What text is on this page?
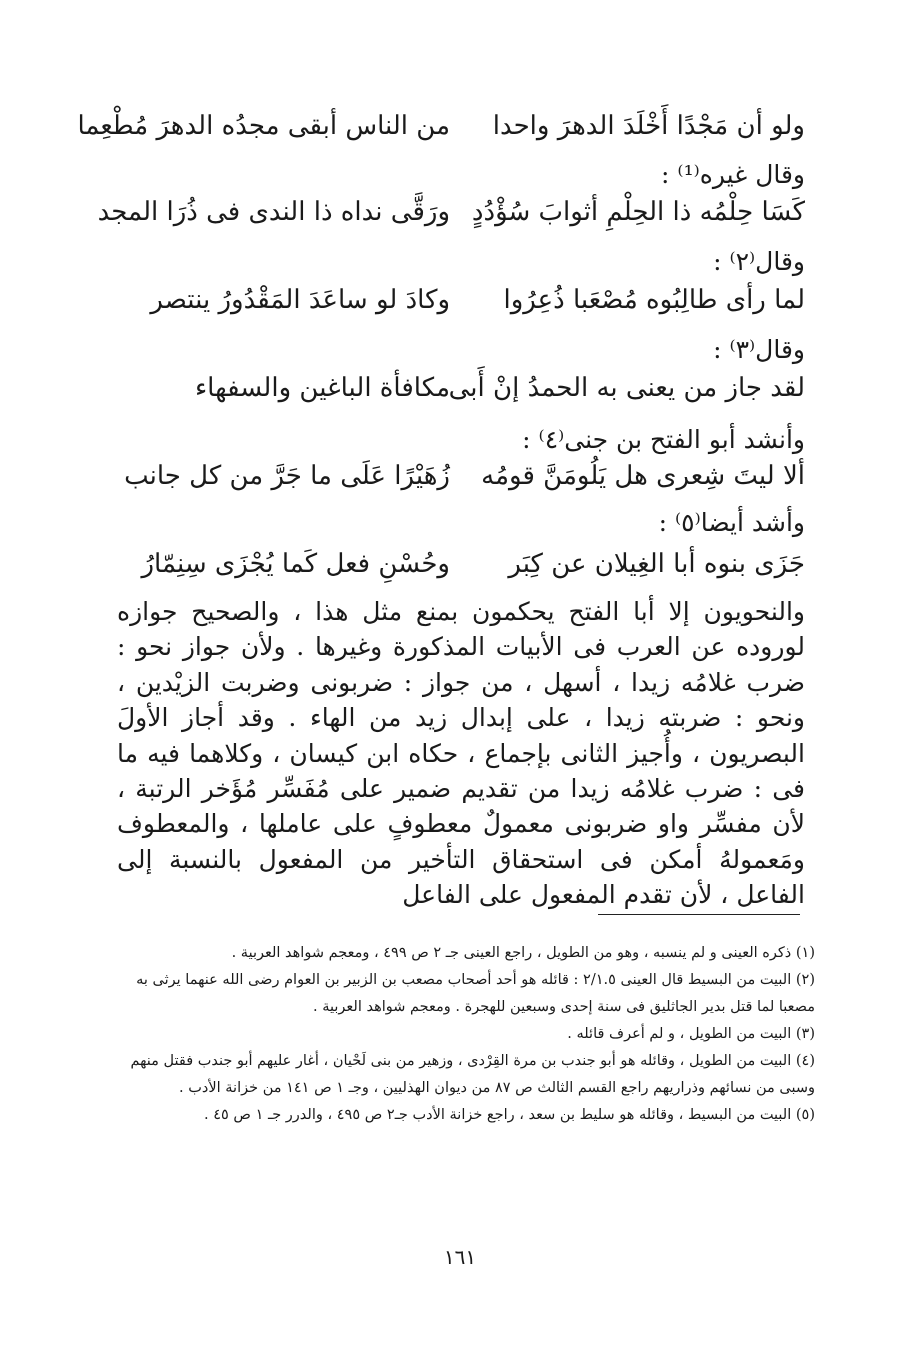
ولو أن مَجْدًا أَخْلَدَ الدهرَ واحدا
من الناس أبقى مجدُه الدهرَ مُطْعِما
وقال غيره⁽¹⁾ :
كَسَا حِلْمُه ذا الحِلْمِ أثوابَ سُؤْدُدٍ
ورَقَّى نداه ذا الندى فى ذُرَا المجد
وقال⁽٢⁾ :
لما رأى طالِبُوه مُصْعَبا ذُعِرُوا
وكادَ لو ساعَدَ المَقْدُورُ ينتصر
وقال⁽٣⁾ :
لقد جاز من يعنى به الحمدُ إنْ أَبى
مكافأة الباغين والسفهاء
وأنشد أبو الفتح بن جنى⁽٤⁾ :
ألا ليتَ شِعرى هل يَلُومَنَّ قومُه
زُهَيْرًا عَلَى ما جَرَّ من كل جانب
وأشد أيضا⁽٥⁾ :
جَزَى بنوه أبا الغِيلان عن كِبَر
وحُسْنِ فعل كَما يُجْزَى سِنِمّارُ

والنحويون إلا أبا الفتح يحكمون بمنع مثل هذا ، والصحيح جوازه لوروده عن العرب فى الأبيات المذكورة وغيرها . ولأن جواز نحو : ضرب غلامُه زيدا ، أسهل ، من جواز : ضربونى وضربت الزيْدين ، ونحو : ضربته زيدا ، على إبدال زيد من الهاء . وقد أجاز الأولَ البصريون ، وأُجيز الثانى بإجماع ، حكاه ابن كيسان ، وكلاهما فيه ما فى : ضرب غلامُه زيدا من تقديم ضمير على مُفَسِّر مُؤَخر الرتبة ، لأن مفسِّر واو ضربونى معمولٌ معطوفٍ على عاملها ، والمعطوف ومَعمولهُ أمكن فى استحقاق التأخير من المفعول بالنسبة إلى الفاعل ، لأن تقدم المفعول على الفاعل

(١) ذكره العينى و لم ينسبه ، وهو من الطويل ، راجع العينى جـ ٢ ص ٤٩٩ ، ومعجم شواهد العربية .

(٢) البيت من البسيط قال العينى ٢/١.٥ : قائله هو أحد أصحاب مصعب بن الزبير بن العوام رضى الله عنهما يرثى به مصعبا لما قتل بدير الجاثليق فى سنة إحدى وسبعين للهجرة . ومعجم شواهد العربية .

(٣) البيت من الطويل ، و لم أعرف قائله .

(٤) البيت من الطويل ، وقائله هو أبو جندب بن مرة القِرْدى ، وزهير من بنى لَحْيان ، أغار عليهم أبو جندب فقتل منهم وسبى من نسائهم وذراريهم راجع القسم الثالث ص ٨٧ من ديوان الهذليين ، وجـ ١ ص ١٤١ من خزانة الأدب .

(٥) البيت من البسيط ، وقائله هو سليط بن سعد ، راجع خزانة الأدب جـ٢ ص ٤٩٥ ، والدرر جـ ١ ص ٤٥ .

١٦١
